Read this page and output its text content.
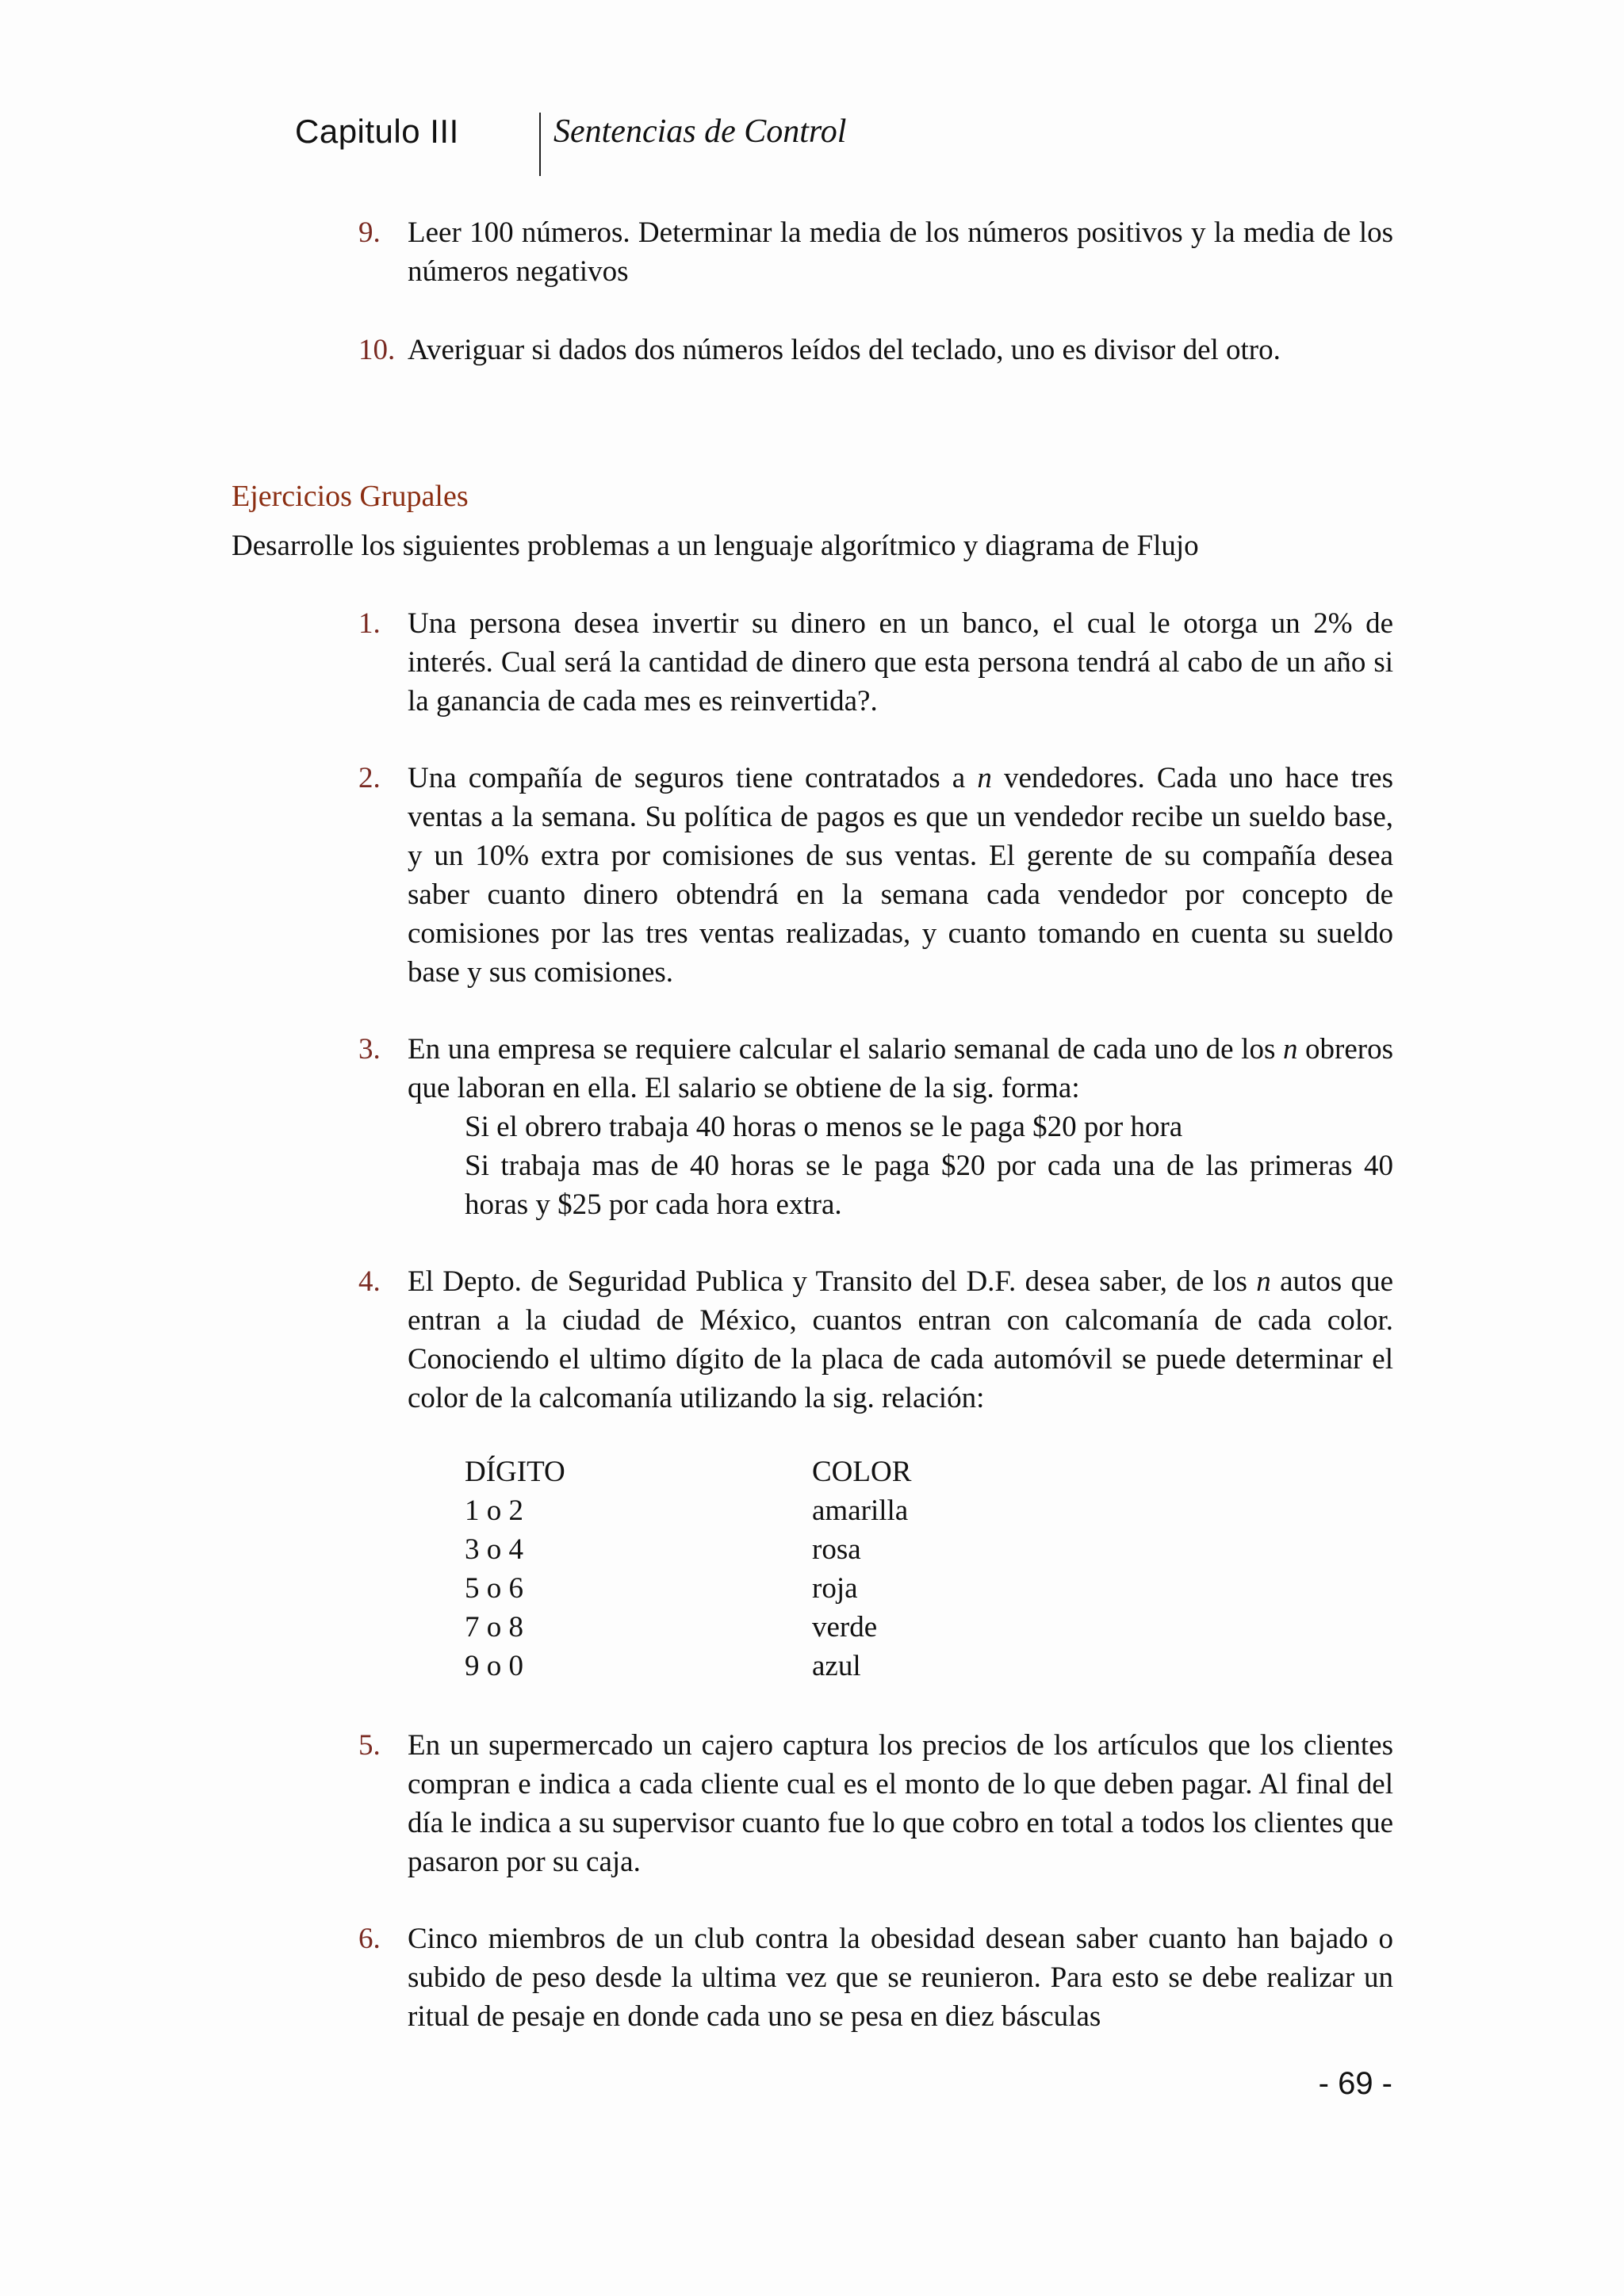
Capitulo III	Sentencias de Control
9. Leer 100 números. Determinar la media de los números positivos y la media de los números negativos
10. Averiguar si dados dos números leídos del teclado, uno es divisor del otro.
Ejercicios Grupales
Desarrolle los siguientes problemas a un lenguaje algorítmico y diagrama de Flujo
1. Una persona desea invertir su dinero en un banco, el cual le otorga un 2% de interés. Cual será la cantidad de dinero que esta persona tendrá al cabo de un año si la ganancia de cada mes es reinvertida?.
2. Una compañía de seguros tiene contratados a n vendedores. Cada uno hace tres ventas a la semana. Su política de pagos es que un vendedor recibe un sueldo base, y un 10% extra por comisiones de sus ventas. El gerente de su compañía desea saber cuanto dinero obtendrá en la semana cada vendedor por concepto de comisiones por las tres ventas realizadas, y cuanto tomando en cuenta su sueldo base y sus comisiones.
3. En una empresa se requiere calcular el salario semanal de cada uno de los n obreros que laboran en ella. El salario se obtiene de la sig. forma:
Si el obrero trabaja 40 horas o menos se le paga $20 por hora
Si trabaja mas de 40 horas se le paga $20 por cada una de las primeras 40 horas y $25 por cada hora extra.
4. El Depto. de Seguridad Publica y Transito del D.F. desea saber, de los n autos que entran a la ciudad de México, cuantos entran con calcomanía de cada color. Conociendo el ultimo dígito de la placa de cada automóvil se puede determinar el color de la calcomanía utilizando la sig. relación:
DÍGITO	COLOR
1 o 2	amarilla
3 o 4	rosa
5 o 6	roja
7 o 8	verde
9 o 0	azul
5. En un supermercado un cajero captura los precios de los artículos que los clientes compran e indica a cada cliente cual es el monto de lo que deben pagar. Al final del día le indica a su supervisor cuanto fue lo que cobro en total a todos los clientes que pasaron por su caja.
6. Cinco miembros de un club contra la obesidad desean saber cuanto han bajado o subido de peso desde la ultima vez que se reunieron. Para esto se debe realizar un ritual de pesaje en donde cada uno se pesa en diez básculas
- 69 -
